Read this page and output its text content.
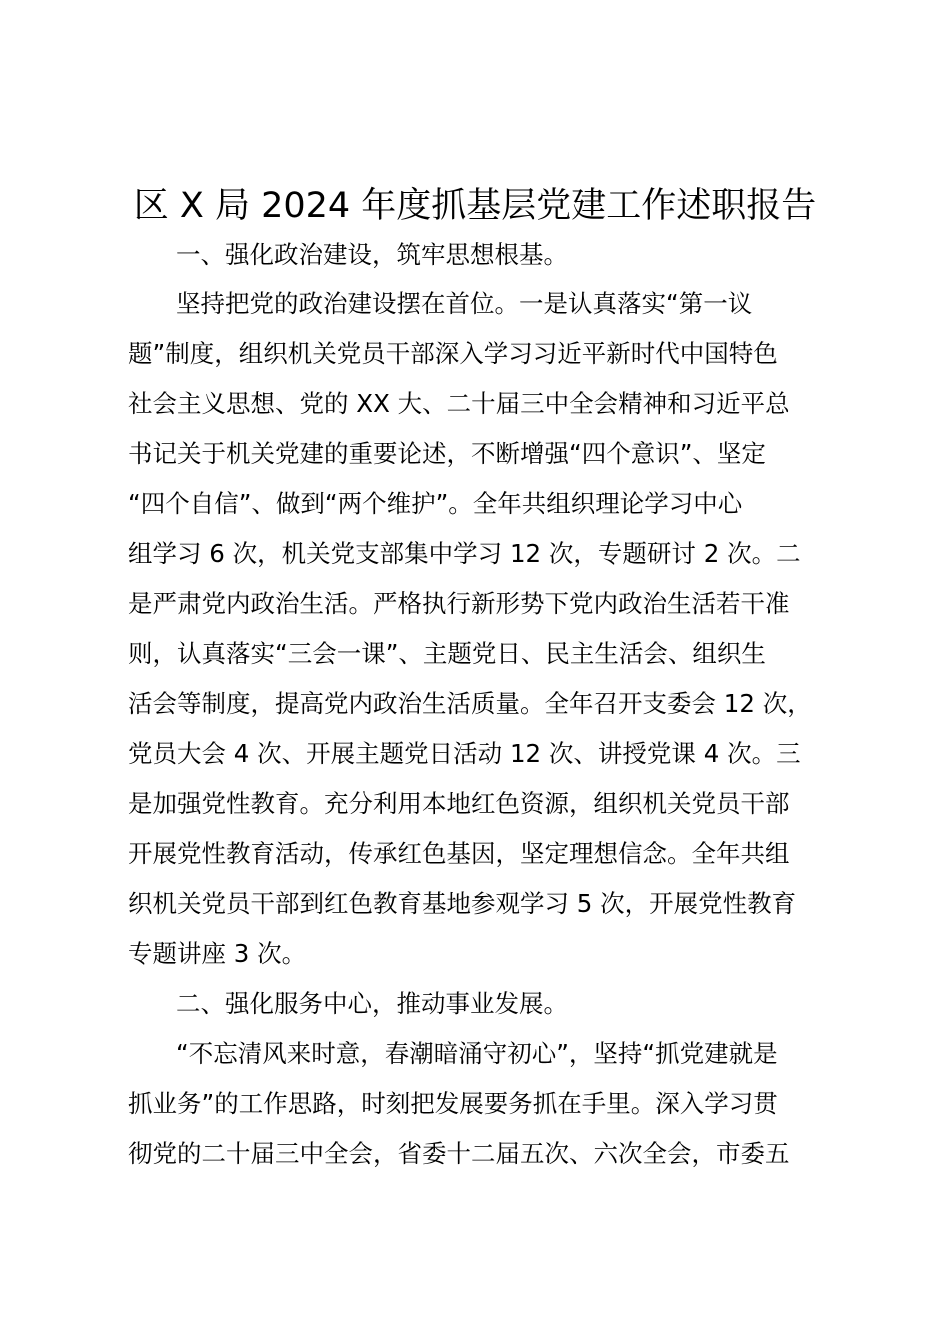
区 X 局 2024 年度抓基层党建工作述职报告

一、强化政治建设，筑牢思想根基。

坚持把党的政治建设摆在首位。一是认真落实“第一议

题”制度，组织机关党员干部深入学习习近平新时代中国特色

社会主义思想、党的 XX 大、二十届三中全会精神和习近平总

书记关于机关党建的重要论述，不断增强“四个意识”、坚定

“四个自信”、做到“两个维护”。全年共组织理论学习中心

组学习 6 次，机关党支部集中学习 12 次，专题研讨 2 次。二

是严肃党内政治生活。严格执行新形势下党内政治生活若干准

则，认真落实“三会一课”、主题党日、民主生活会、组织生

活会等制度，提高党内政治生活质量。全年召开支委会 12 次，

党员大会 4 次、开展主题党日活动 12 次、讲授党课 4 次。三

是加强党性教育。充分利用本地红色资源，组织机关党员干部

开展党性教育活动，传承红色基因，坚定理想信念。全年共组

织机关党员干部到红色教育基地参观学习 5 次，开展党性教育

专题讲座 3 次。

二、强化服务中心，推动事业发展。

“不忘清风来时意，春潮暗涌守初心”，坚持“抓党建就是

抓业务”的工作思路，时刻把发展要务抓在手里。深入学习贯

彻党的二十届三中全会，省委十二届五次、六次全会，市委五
